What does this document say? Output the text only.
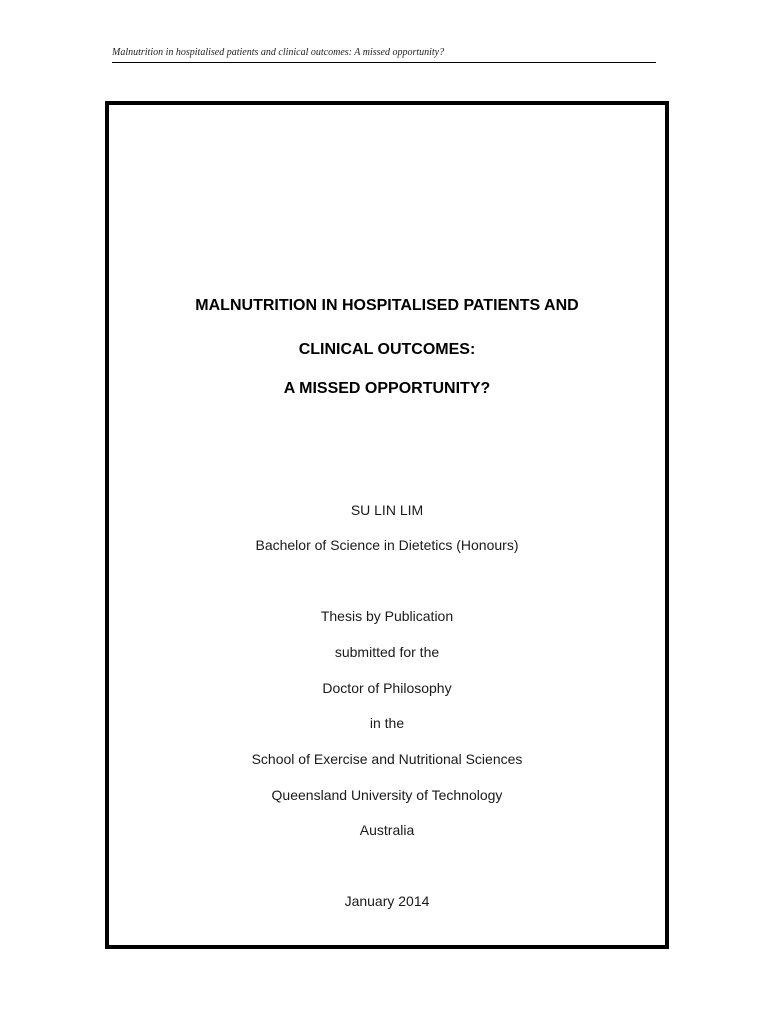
Malnutrition in hospitalised patients and clinical outcomes: A missed opportunity?
MALNUTRITION IN HOSPITALISED PATIENTS AND
CLINICAL OUTCOMES:
A MISSED OPPORTUNITY?
SU LIN LIM
Bachelor of Science in Dietetics (Honours)
Thesis by Publication
submitted for the
Doctor of Philosophy
in the
School of Exercise and Nutritional Sciences
Queensland University of Technology
Australia
January 2014
